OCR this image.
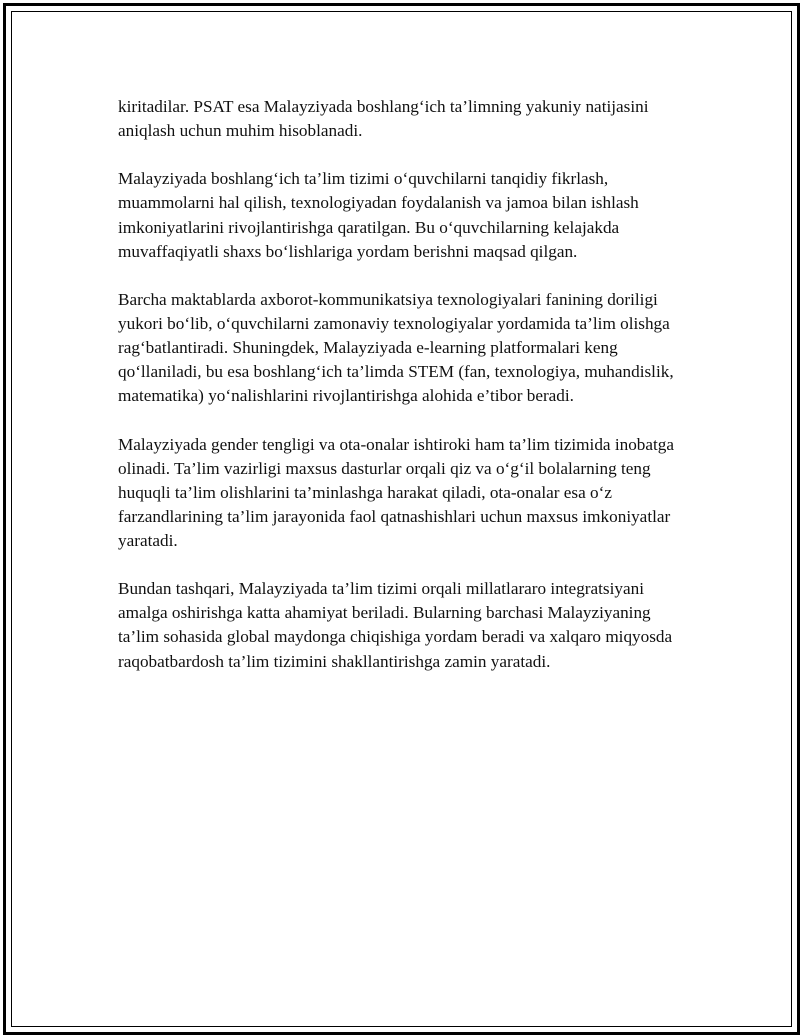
kiritadilar. PSAT esa Malayziyada boshlang‘ich ta’limning yakuniy natijasini aniqlash uchun muhim hisoblanadi.

Malayziyada boshlang‘ich ta’lim tizimi o‘quvchilarni tanqidiy fikrlash, muammolarni hal qilish, texnologiyadan foydalanish va jamoa bilan ishlash imkoniyatlarini rivojlantirishga qaratilgan. Bu o‘quvchilarning kelajakda muvaffaqiyatli shaxs bo‘lishlariga yordam berishni maqsad qilgan.

Barcha maktablarda axborot-kommunikatsiya texnologiyalari fanining doriligi yukori bo‘lib, o‘quvchilarni zamonaviy texnologiyalar yordamida ta’lim olishga rag‘batlantiradi. Shuningdek, Malayziyada e-learning platformalari keng qo‘llaniladi, bu esa boshlang‘ich ta’limda STEM (fan, texnologiya, muhandislik, matematika) yo‘nalishlarini rivojlantirishga alohida e’tibor beradi.

Malayziyada gender tengligi va ota-onalar ishtiroki ham ta’lim tizimida inobatga olinadi. Ta’lim vazirligi maxsus dasturlar orqali qiz va o‘g‘il bolalarning teng huquqli ta’lim olishlarini ta’minlashga harakat qiladi, ota-onalar esa o‘z farzandlarining ta’lim jarayonida faol qatnashishlari uchun maxsus imkoniyatlar yaratadi.

Bundan tashqari, Malayziyada ta’lim tizimi orqali millatlararo integratsiyani amalga oshirishga katta ahamiyat beriladi. Bularning barchasi Malayziyaning ta’lim sohasida global maydonga chiqishiga yordam beradi va xalqaro miqyosda raqobatbardosh ta’lim tizimini shakllantirishga zamin yaratadi.
